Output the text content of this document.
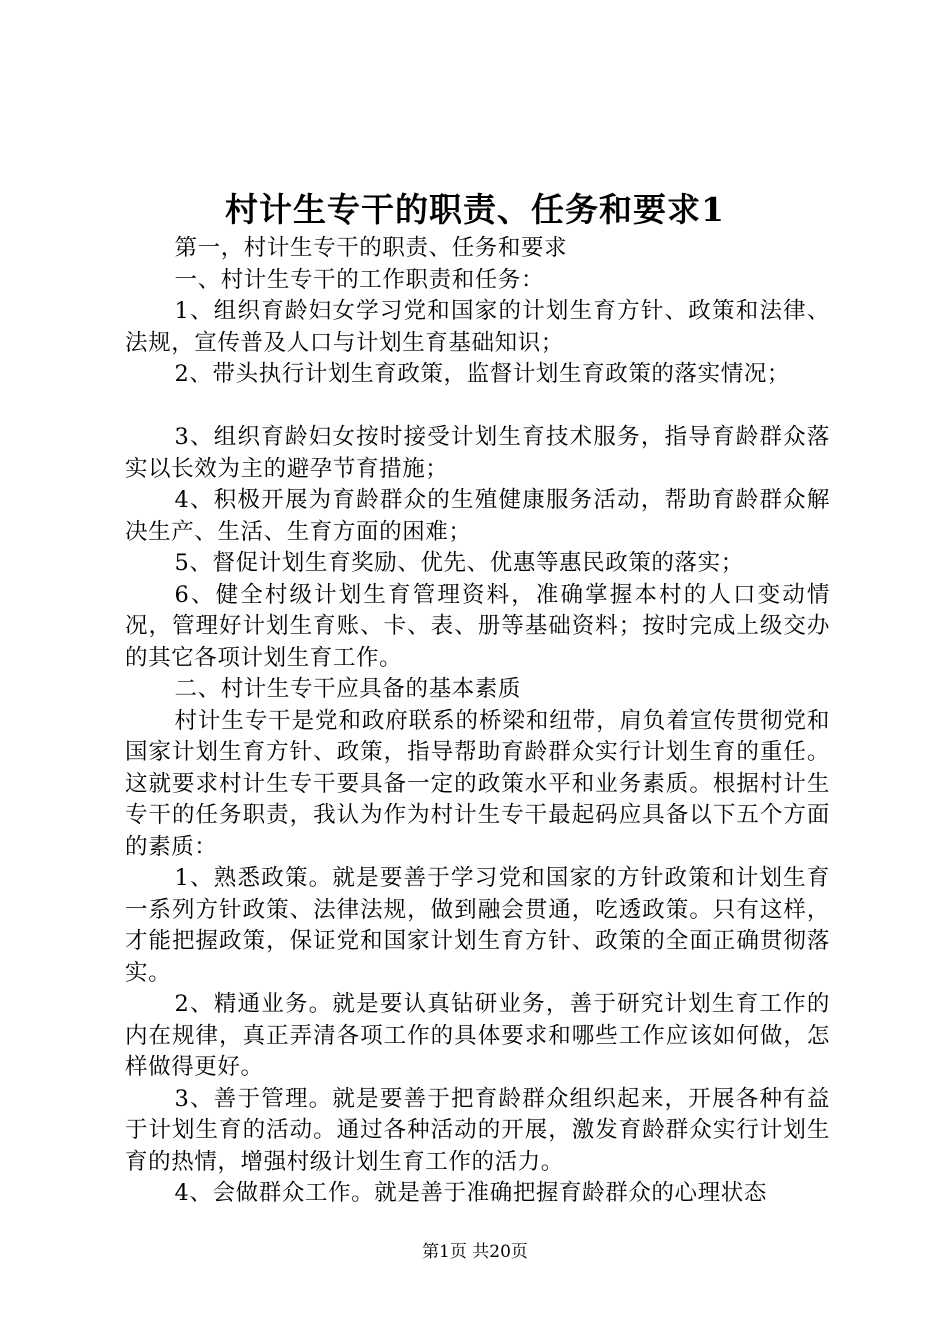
村计生专干的职责、任务和要求1

第一，村计生专干的职责、任务和要求

一、村计生专干的工作职责和任务：

1、组织育龄妇女学习党和国家的计划生育方针、政策和法律、法规，宣传普及人口与计划生育基础知识；

2、带头执行计划生育政策，监督计划生育政策的落实情况；

3、组织育龄妇女按时接受计划生育技术服务，指导育龄群众落实以长效为主的避孕节育措施；

4、积极开展为育龄群众的生殖健康服务活动，帮助育龄群众解决生产、生活、生育方面的困难；

5、督促计划生育奖励、优先、优惠等惠民政策的落实；

6、健全村级计划生育管理资料，准确掌握本村的人口变动情况，管理好计划生育账、卡、表、册等基础资料；按时完成上级交办的其它各项计划生育工作。

二、村计生专干应具备的基本素质

村计生专干是党和政府联系的桥梁和纽带，肩负着宣传贯彻党和国家计划生育方针、政策，指导帮助育龄群众实行计划生育的重任。这就要求村计生专干要具备一定的政策水平和业务素质。根据村计生专干的任务职责，我认为作为村计生专干最起码应具备以下五个方面的素质：

1、熟悉政策。就是要善于学习党和国家的方针政策和计划生育一系列方针政策、法律法规，做到融会贯通，吃透政策。只有这样，才能把握政策，保证党和国家计划生育方针、政策的全面正确贯彻落实。

2、精通业务。就是要认真钻研业务，善于研究计划生育工作的内在规律，真正弄清各项工作的具体要求和哪些工作应该如何做，怎样做得更好。

3、善于管理。就是要善于把育龄群众组织起来，开展各种有益于计划生育的活动。通过各种活动的开展，激发育龄群众实行计划生育的热情，增强村级计划生育工作的活力。

4、会做群众工作。就是善于准确把握育龄群众的心理状态

第1页 共20页
